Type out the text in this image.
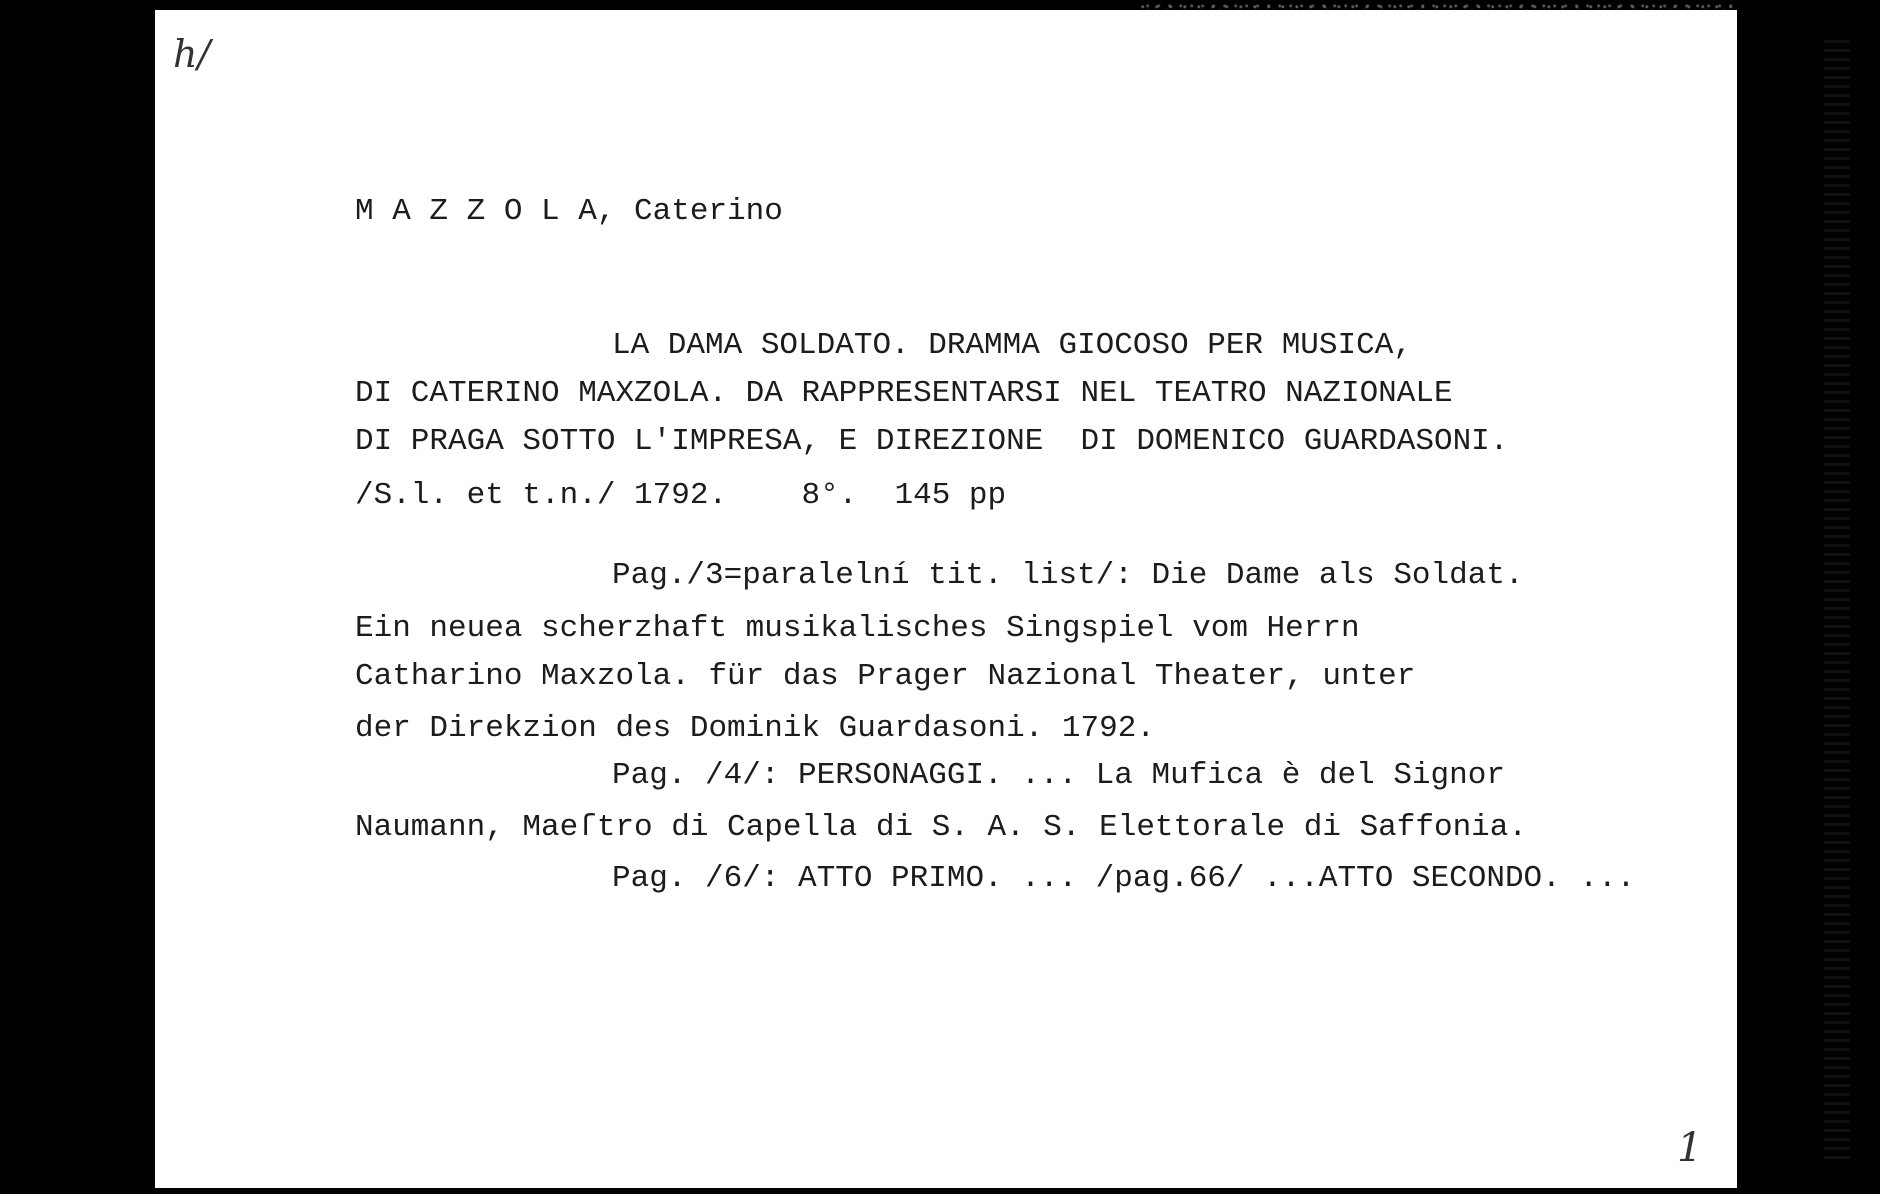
h/
M A Z Z O L A, Caterino
LA DAMA SOLDATO. DRAMMA GIOCOSO PER MUSICA,
DI CATERINO MAXZOLA. DA RAPPRESENTARSI NEL TEATRO NAZIONALE
DI PRAGA SOTTO L'IMPRESA, E DIREZIONE  DI DOMENICO GUARDASONI.
/S.l. et t.n./ 1792.    8°.  145 pp
Pag./3=paralelní tit. list/: Die Dame als Soldat.
Ein neuea scherzhaft musikalisches Singspiel vom Herrn
Catharino Maxzola. für das Prager Nazional Theater, unter
der Direkzion des Dominik Guardasoni. 1792.
Pag. /4/: PERSONAGGI. ... La Mufica è del Signor
Naumann, Maeſtro di Capella di S. A. S. Elettorale di Saffonia.
Pag. /6/: ATTO PRIMO. ... /pag.66/ ...ATTO SECONDO. ...
1
